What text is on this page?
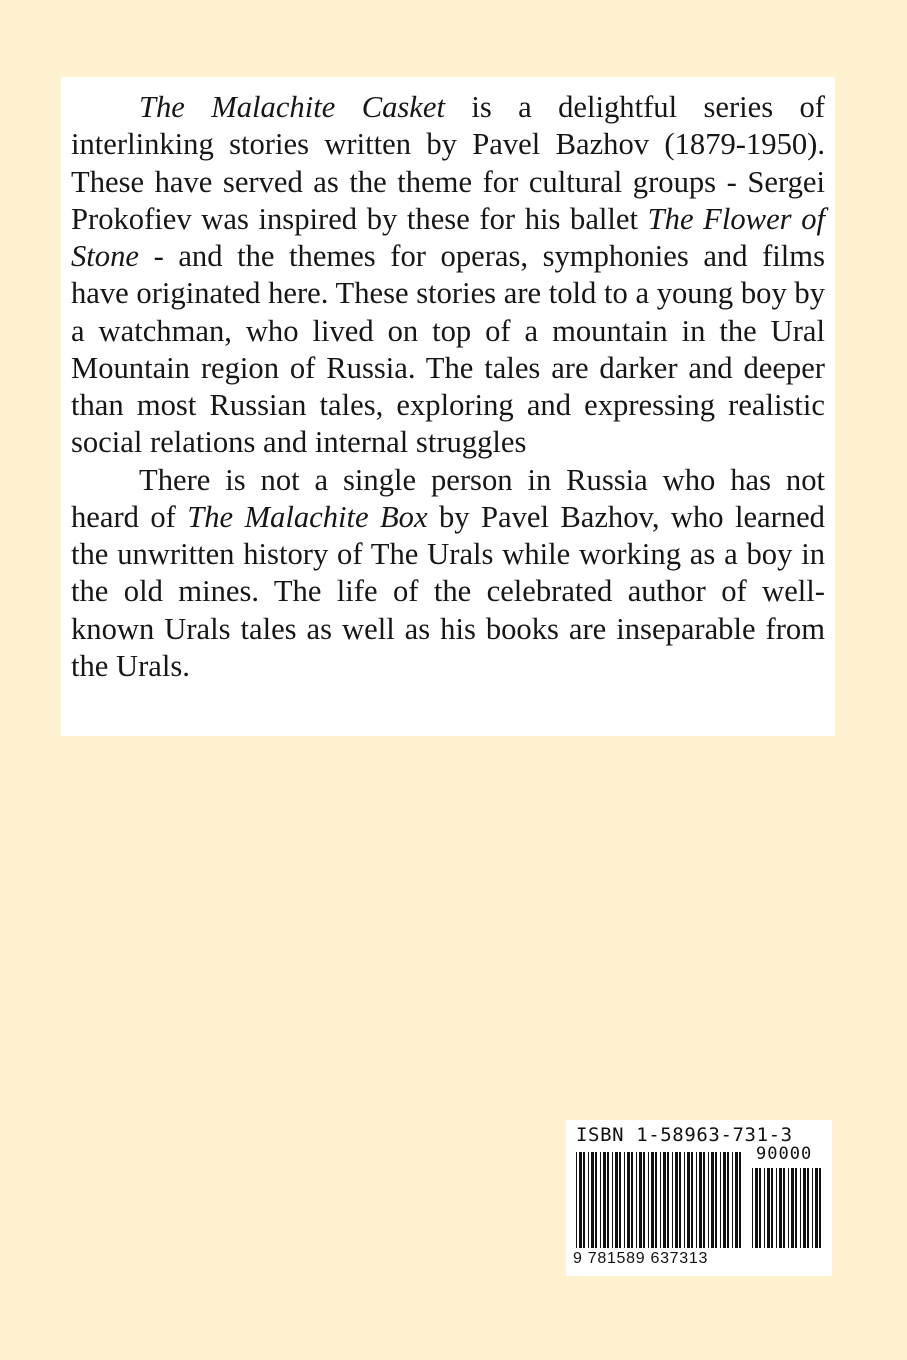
The Malachite Casket is a delightful series of interlinking stories written by Pavel Bazhov (1879-1950). These have served as the theme for cultural groups - Sergei Prokofiev was inspired by these for his ballet The Flower of Stone - and the themes for operas, symphonies and films have originated here. These stories are told to a young boy by a watchman, who lived on top of a mountain in the Ural Mountain region of Russia. The tales are darker and deeper than most Russian tales, exploring and expressing realistic social relations and internal struggles

There is not a single person in Russia who has not heard of The Malachite Box by Pavel Bazhov, who learned the unwritten history of The Urals while working as a boy in the old mines. The life of the celebrated author of well-known Urals tales as well as his books are inseparable from the Urals.

ISBN 1-58963-731-3
90000
9 781589 637313
